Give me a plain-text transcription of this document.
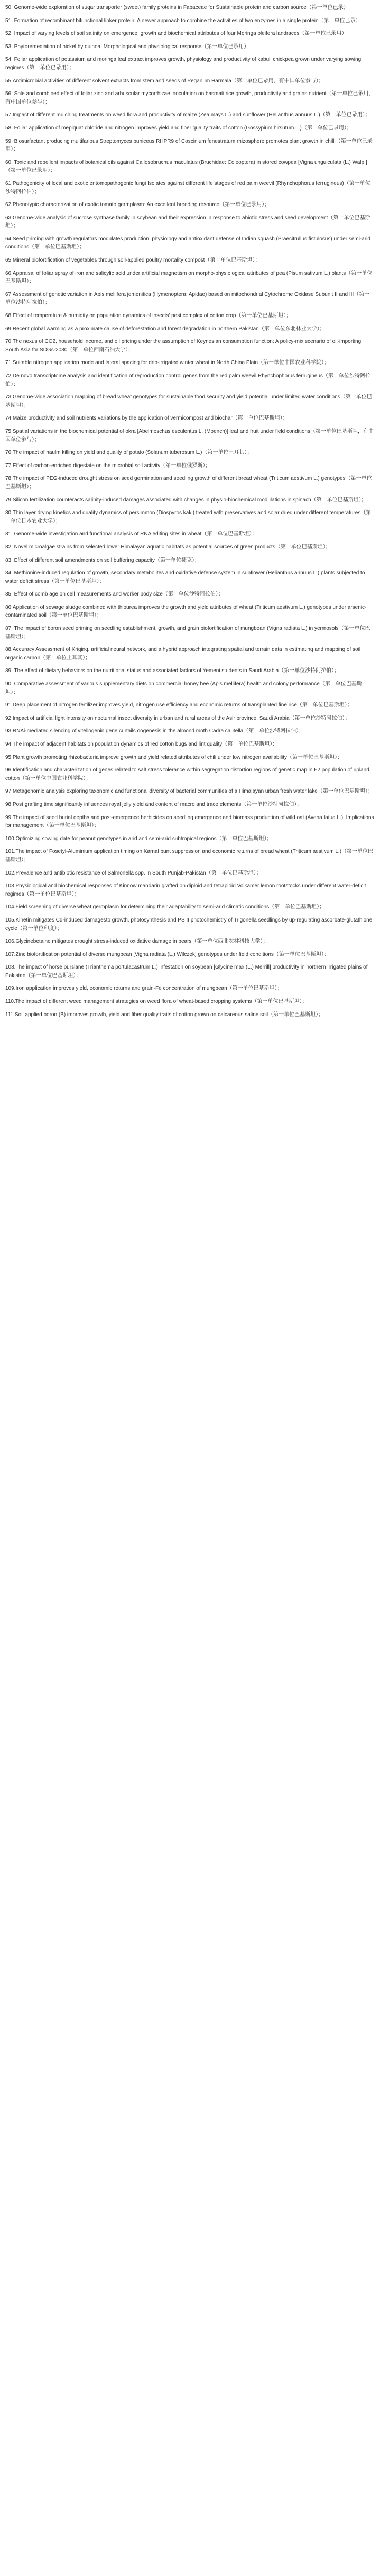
50. Genome-wide exploration of sugar transporter (sweet) family proteins in Fabaceae for Sustainable protein and carbon source（第一单位已录）

51. Formation of recombinant bifunctional linker protein: A newer approach to combine the activities of two enzymes in a single protein（第一单位已录）

52. Impact of varying levels of soil salinity on emergence, growth and biochemical attributes of four Moringa oleifera landraces（第一单位已录用）

53. Phytoremediation of nickel by quinoa: Morphological and physiological response（第一单位已录用）

54. Foliar application of potassium and moringa leaf extract improves growth, physiology and productivity of kabuli chickpea grown under varying sowing regimes（第一单位已录用）；

55.Antimicrobial activities of different solvent extracts from stem and seeds of Peganum Harmala（第一单位已录用，有中国单位参与）；

56. Sole and combined effect of foliar zinc and arbuscular mycorrhizae inoculation on basmati rice growth, productivity and grains nutrient（第一单位已录用，有中国单位参与）；

57.Impact of different mulching treatments on weed flora and productivity of maize (Zea mays L.) and sunflower (Helianthus annuus L.)（第一单位已录用）；

58. Foliar application of mepiquat chloride and nitrogen improves yield and fiber quality traits of cotton (Gossypium hirsutum L.)（第一单位已录用）；

59. Biosurfactant producing multifarious Streptomyces puniceus RHPR9 of Coscinium fenestratum rhizosphere promotes plant growth in chilli（第一单位已录用）；

60. Toxic and repellent impacts of botanical oils against Callosobruchus maculatus (Bruchidae: Coleoptera) in stored cowpea [Vigna unguiculata (L.) Walp.]（第一单位已录用）；

61.Pathogenicity of local and exotic entomopathogenic fungi Isolates against different life stages of red palm weevil (Rhynchophorus ferrugineus)（第一单位沙特阿拉伯）；

62.Phenotypic characterization of exotic tomato germplasm: An excellent breeding resource（第一单位已录用）；

63.Genome-wide analysis of sucrose synthase family in soybean and their expression in response to abiotic stress and seed development（第一单位巴基斯坦）；

64.Seed priming with growth regulators modulates production, physiology and antioxidant defense of Indian squash (Praecitrullus fistulosus) under semi-arid conditions（第一单位巴基斯坦）；

65.Mineral biofortification of vegetables through soil-applied poultry mortality compost（第一单位巴基斯坦）；

66.Appraisal of foliar spray of iron and salicylic acid under artificial magnetism on morpho-physiological attributes of pea (Pisum sativum L.) plants（第一单位巴基斯坦）；

67.Assessment of genetic variation in Apis mellifera jemenitica (Hymenoptera: Apidae) based on mitochondrial Cytochrome Oxidase Subunit II and III（第一单位沙特阿拉伯）；

68.Effect of temperature & humidity on population dynamics of insects' pest complex of cotton crop（第一单位巴基斯坦）；

69.Recent global warming as a proximate cause of deforestation and forest degradation in northern Pakistan（第一单位东北林业大学）；

70.The nexus of CO2, household income, and oil pricing under the assumption of Keynesian consumption function: A policy-mix scenario of oil-importing South Asia for SDGs-2030（第一单位西南石油大学）；

71.Suitable nitrogen application mode and lateral spacing for drip-irrigated winter wheat in North China Plain（第一单位中国农业科学院）；

72.De novo transcriptome analysis and identification of reproduction control genes from the red palm weevil Rhynchophorus ferrugineus（第一单位沙特阿拉伯）；

73.Genome-wide association mapping of bread wheat genotypes for sustainable food security and yield potential under limited water conditions（第一单位巴基斯坦）；

74.Maize productivity and soil nutrients variations by the application of vermicompost and biochar（第一单位巴基斯坦）；

75.Spatial variations in the biochemical potential of okra [Abelmoschus esculentus L. (Moench)] leaf and fruit under field conditions（第一单位巴基斯坦，有中国单位参与）；

76.The impact of haulm killing on yield and quality of potato (Solanum tuberosum L.)（第一单位土耳其）；

77.Effect of carbon-enriched digestate on the microbial soil activity（第一单位俄罗斯）；

78.The impact of PEG-induced drought stress on seed germination and seedling growth of different bread wheat (Triticum aestivum L.) genotypes（第一单位巴基斯坦）；

79.Silicon fertilization counteracts salinity-induced damages associated with changes in physio-biochemical modulations in spinach（第一单位巴基斯坦）；

80.Thin layer drying kinetics and quality dynamics of persimmon (Diospyros kaki) treated with preservatives and solar dried under different temperatures（第一单位日本农业大学）；

81. Genome-wide investigation and functional analysis of RNA editing sites in wheat（第一单位巴基斯坦）；

82. Novel microalgae strains from selected lower Himalayan aquatic habitats as potential sources of green products（第一单位巴基斯坦）；

83. Effect of different soil amendments on soil buffering capacity（第一单位捷克）；

84. Methionine-induced regulation of growth, secondary metabolites and oxidative defense system in sunflower (Helianthus annuus L.) plants subjected to water deficit stress（第一单位巴基斯坦）；

85. Effect of comb age on cell measurements and worker body size（第一单位沙特阿拉伯）；

86.Application of sewage sludge combined with thiourea improves the growth and yield attributes of wheat (Triticum aestivum L.) genotypes under arsenic-contaminated soil（第一单位巴基斯坦）；

87. The impact of boron seed priming on seedling establishment, growth, and grain biofortification of mungbean (Vigna radiata L.) in yermosols（第一单位巴基斯坦）；

88.Accuracy Assessment of Kriging, artificial neural network, and a hybrid approach integrating spatial and terrain data in estimating and mapping of soil organic carbon（第一单位土耳其）；

89. The effect of dietary behaviors on the nutritional status and associated factors of Yemeni students in Saudi Arabia（第一单位沙特阿拉伯）；

90. Comparative assessment of various supplementary diets on commercial honey bee (Apis mellifera) health and colony performance（第一单位巴基斯坦）；

91.Deep placement of nitrogen fertilizer improves yield, nitrogen use efficiency and economic returns of transplanted fine rice（第一单位巴基斯坦）；

92.Impact of artificial light intensity on nocturnal insect diversity in urban and rural areas of the Asir province, Saudi Arabia（第一单位沙特阿拉伯）；

93.RNAi-mediated silencing of vitellogenin gene curtails oogenesis in the almond moth Cadra cautella（第一单位沙特阿拉伯）；

94.The impact of adjacent habitats on population dynamics of red cotton bugs and lint quality（第一单位巴基斯坦）；

95.Plant growth promoting rhizobacteria improve growth and yield related attributes of chili under low nitrogen availability（第一单位巴基斯坦）；

96.Identification and characterization of genes related to salt stress tolerance within segregation distortion regions of genetic map in F2 population of upland cotton（第一单位中国农业科学院）；

97.Metagenomic analysis exploring taxonomic and functional diversity of bacterial communities of a Himalayan urban fresh water lake（第一单位巴基斯坦）；

98.Post grafting time significantly influences royal jelly yield and content of macro and trace elements（第一单位沙特阿拉伯）；

99.The impact of seed burial depths and post-emergence herbicides on seedling emergence and biomass production of wild oat (Avena fatua L.): Implications for management（第一单位巴基斯坦）；

100.Optimizing sowing date for peanut genotypes in arid and semi-arid subtropical regions（第一单位巴基斯坦）；

101.The impact of Fosetyl-Aluminium application timing on Karnal bunt suppression and economic returns of bread wheat (Triticum aestivum L.)（第一单位巴基斯坦）；

102.Prevalence and antibiotic resistance of Salmonella spp. in South Punjab-Pakistan（第一单位巴基斯坦）；

103.Physiological and biochemical responses of Kinnow mandarin grafted on diploid and tetraploid Volkamer lemon rootstocks under different water-deficit regimes（第一单位巴基斯坦）；

104.Field screening of diverse wheat germplasm for determining their adaptability to semi-arid climatic conditions（第一单位巴基斯坦）；

105.Kinetin mitigates Cd-induced damagesto growth, photosynthesis and PS II photochemistry of Trigonella seedlings by up-regulating ascorbate-glutathione cycle（第一单位印度）；

106.Glycinebetaine mitigates drought stress-induced oxidative damage in pears（第一单位西北农林科技大学）；

107.Zinc biofortification potential of diverse mungbean [Vigna radiata (L.) Wilczek] genotypes under field conditions（第一单位巴基斯坦）；

108.The impact of horse purslane (Trianthema portulacastrum L.) infestation on soybean [Glycine max (L.) Merrill] productivity in northern irrigated plains of Pakistan（第一单位巴基斯坦）；

109.Iron application improves yield, economic returns and grain-Fe concentration of mungbean（第一单位巴基斯坦）；

110.The impact of different weed management strategies on weed flora of wheat-based cropping systems（第一单位巴基斯坦）；

111.Soil applied boron (B) improves growth, yield and fiber quality traits of cotton grown on calcareous saline soil（第一单位巴基斯坦）；
